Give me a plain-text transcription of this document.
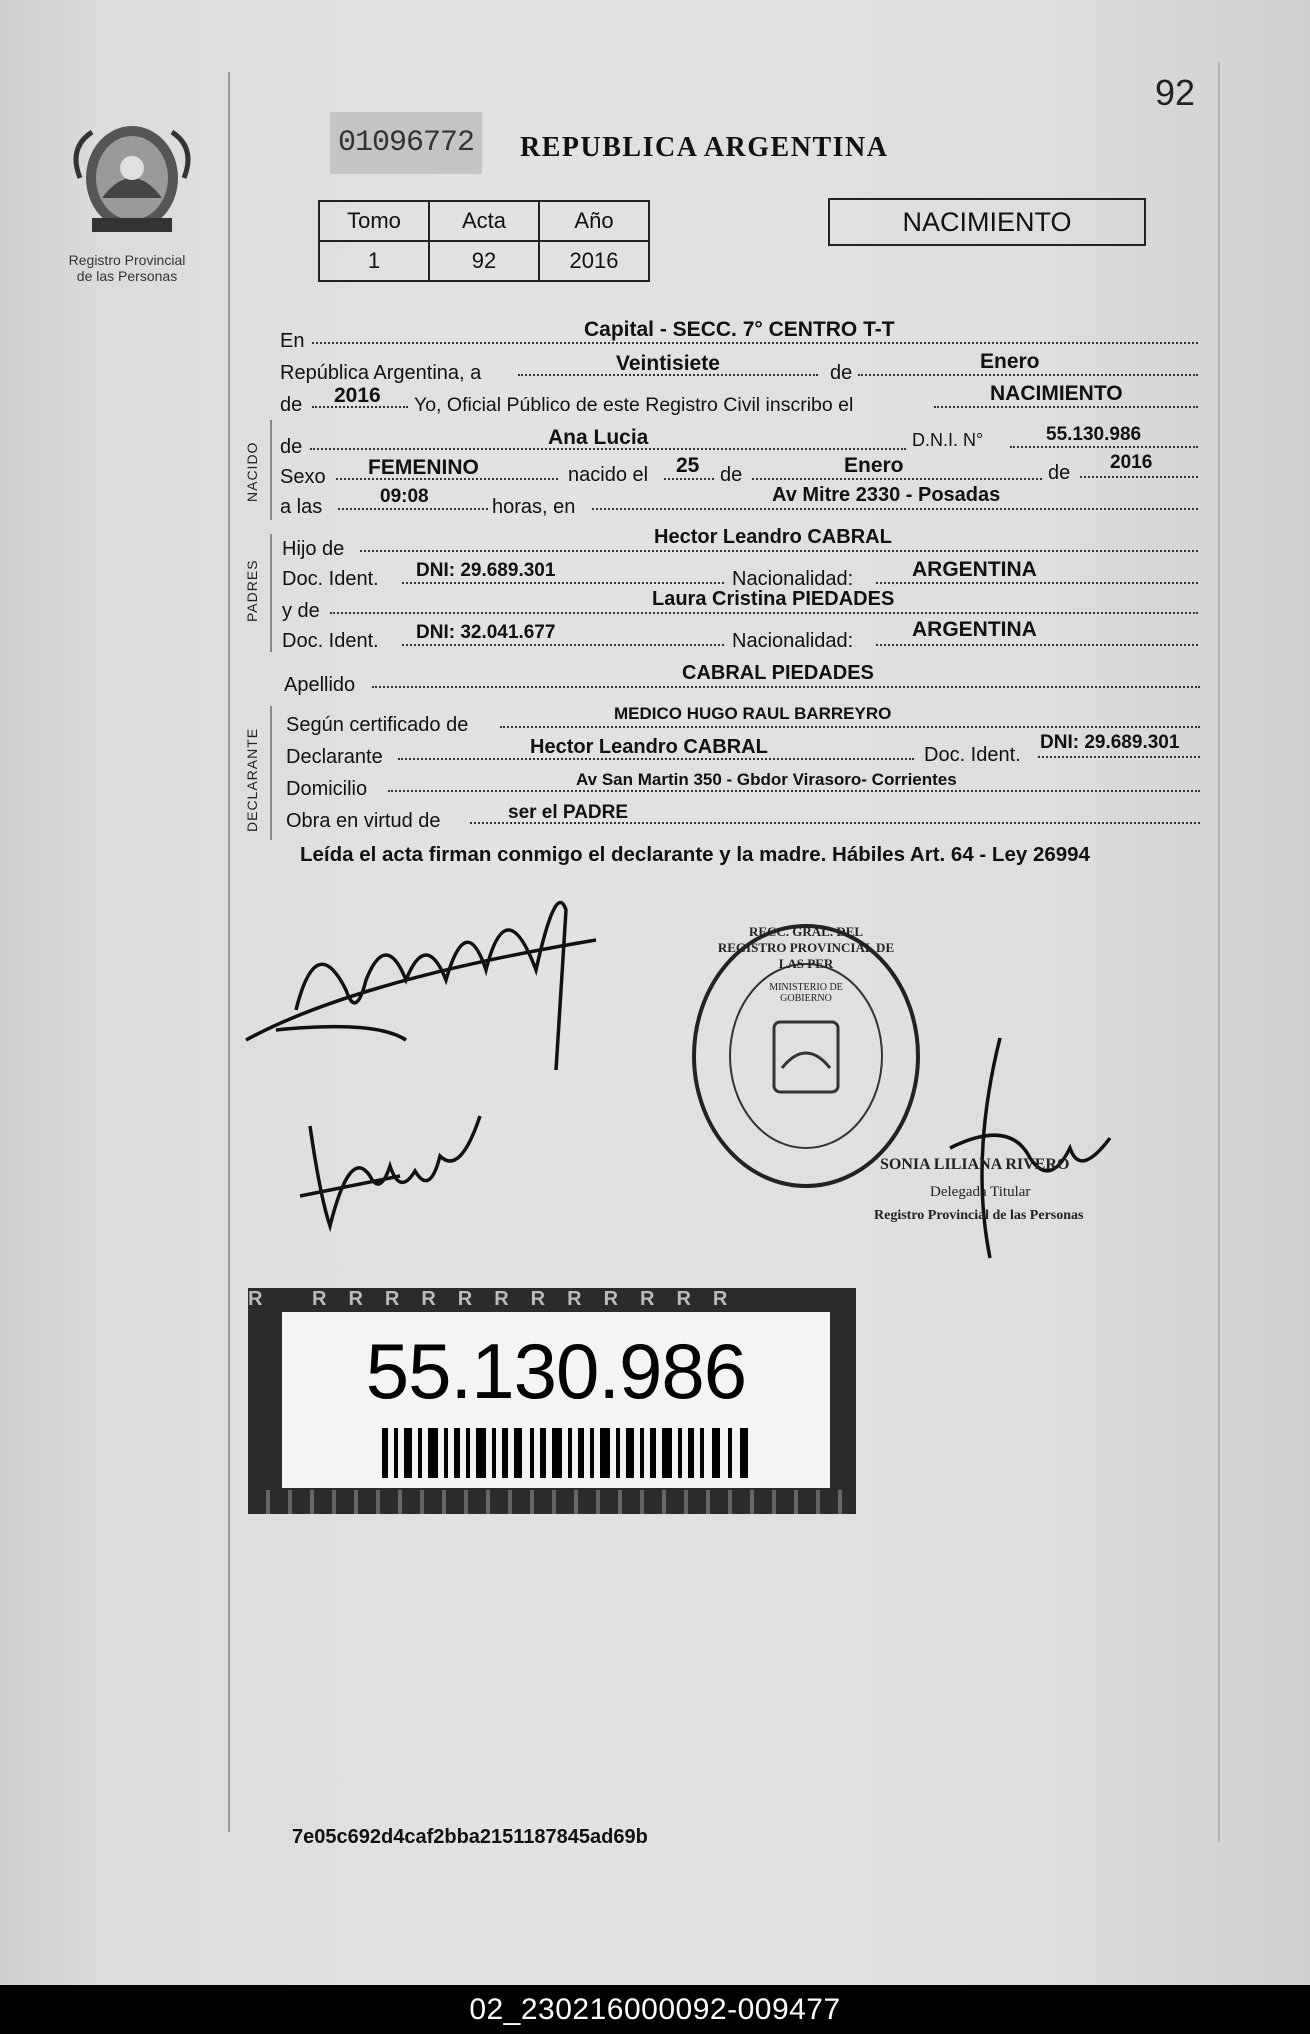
Registro Provincial
de las Personas
92
01096772 REPUBLICA ARGENTINA
Tomo	Acta	Año
1	92	2016
NACIMIENTO
En	Capital - SECC. 7° CENTRO T-T
República Argentina, a	Veintisiete	de	Enero
de 2016 Yo, Oficial Público de este Registro Civil inscribo el	NACIMIENTO
NACIDO de	Ana Lucia	D.N.I. N°	55.130.986
Sexo FEMENINO	nacido el 25 de	Enero	de 2016
a las	09:08	horas, en
Av Mitre 2330 - Posadas
PADRES
Hijo de
Hector Leandro CABRAL
Doc. Ident. DNI: 29.689.301	Nacionalidad:	ARGENTINA
y de
Laura Cristina PIEDADES
Doc. Ident. DNI: 32.041.677	Nacionalidad:	ARGENTINA
Apellido
CABRAL PIEDADES
DECLARANTE
Según certificado de
MEDICO HUGO RAUL BARREYRO
Declarante	Hector Leandro CABRAL	Doc. Ident.
DNI: 29.689.301
Domicilio	Av San Martin 350 - Gbdor Virasoro- Corrientes
Obra en virtud de	ser el PADRE
Leída el acta firman conmigo el declarante y la madre. Hábiles Art. 64 - Ley 26994
RECC. GRAL. DEL REGISTRO PROVINCIAL DE LAS PER
MINISTERIO DE GOBIERNO
SONIA LILIANA RIVERO
Delegada Titular
Registro Provincial de las Personas
R RRRRRRRRRRRR
55.130.986
7e05c692d4caf2bba2151187845ad69b
02_230216000092-009477
